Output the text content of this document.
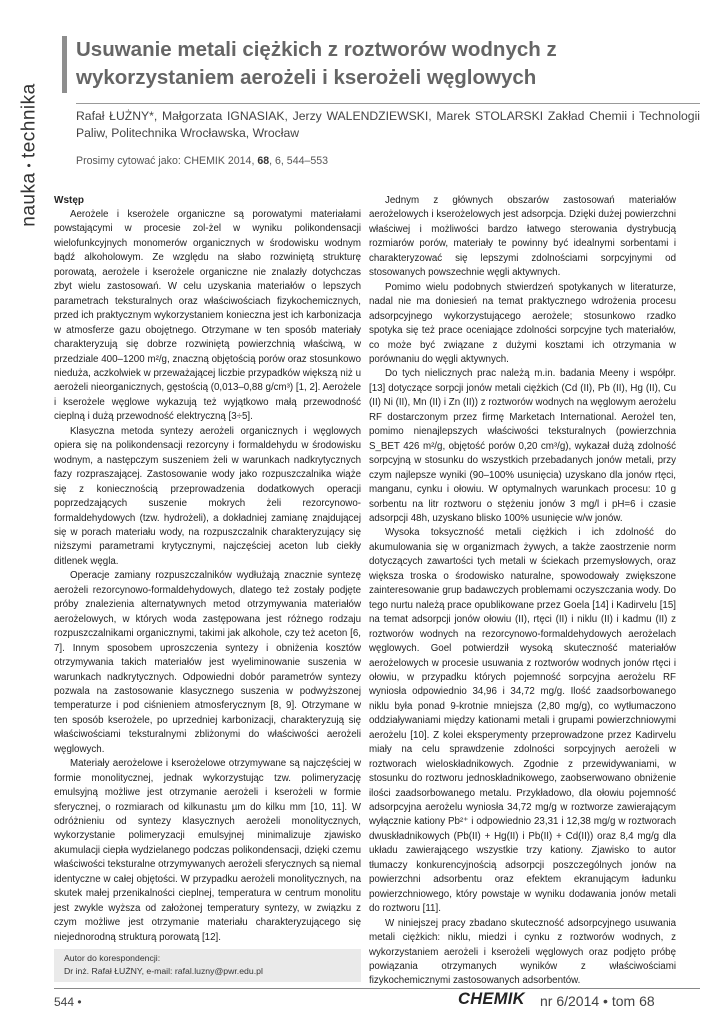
nauka•technika
Usuwanie metali ciężkich z roztworów wodnych z wykorzystaniem aerożeli i kserożeli węglowych
Rafał ŁUŻNY*, Małgorzata IGNASIAK, Jerzy WALENDZIEWSKI, Marek STOLARSKI Zakład Chemii i Technologii Paliw, Politechnika Wrocławska, Wrocław
Prosimy cytować jako: CHEMIK 2014, 68, 6, 544–553
Wstęp

Aerożele i kserożele organiczne są porowatymi materiałami powstającymi w procesie zol-żel w wyniku polikondensacji wielofunkcyjnych monomerów organicznych w środowisku wodnym bądź alkoholowym. Ze względu na słabo rozwiniętą strukturę porowatą, aerożele i kserożele organiczne nie znalazły dotychczas zbyt wielu zastosowań. W celu uzyskania materiałów o lepszych parametrach teksturalnych oraz właściwościach fizykochemicznych, przed ich praktycznym wykorzystaniem konieczna jest ich karbonizacja w atmosferze gazu obojętnego. Otrzymane w ten sposób materiały charakteryzują się dobrze rozwiniętą powierzchnią właściwą, w przedziale 400–1200 m²/g, znaczną objętością porów oraz stosunkowo nieduża, aczkolwiek w przeważającej liczbie przypadków większą niż u aerożeli nieorganicznych, gęstością (0,013–0,88 g/cm³) [1, 2]. Aerożele i kserożele węglowe wykazują też wyjątkowo małą przewodność cieplną i dużą przewodność elektryczną [3÷5].

Klasyczna metoda syntezy aerożeli organicznych i węglowych opiera się na polikondensacji rezorcyny i formaldehydu w środowisku wodnym, a następczym suszeniem żeli w warunkach nadkrytycznych fazy rozpraszającej. Zastosowanie wody jako rozpuszczalnika wiąże się z koniecznością przeprowadzenia dodatkowych operacji poprzedzających suszenie mokrych żeli rezorcynowo-formaldehydowych (tzw. hydrożeli), a dokładniej zamianę znajdującej się w porach materiału wody, na rozpuszczalnik charakteryzujący się niższymi parametrami krytycznymi, najczęściej aceton lub ciekły ditlenek węgla.

Operacje zamiany rozpuszczalników wydłużają znacznie syntezę aerożeli rezorcynowo-formaldehydowych, dlatego też zostały podjęte próby znalezienia alternatywnych metod otrzymywania materiałów aerożelowych, w których woda zastępowana jest różnego rodzaju rozpuszczalnikami organicznymi, takimi jak alkohole, czy też aceton [6, 7]. Innym sposobem uproszczenia syntezy i obniżenia kosztów otrzymywania takich materiałów jest wyeliminowanie suszenia w warunkach nadkrytycznych. Odpowiedni dobór parametrów syntezy pozwala na zastosowanie klasycznego suszenia w podwyższonej temperaturze i pod ciśnieniem atmosferycznym [8, 9]. Otrzymane w ten sposób kserożele, po uprzedniej karbonizacji, charakteryzują się właściwościami teksturalnymi zbliżonymi do właściwości aerożeli węglowych.

Materiały aerożelowe i kserożelowe otrzymywane są najczęściej w formie monolitycznej, jednak wykorzystując tzw. polimeryzację emulsyjną możliwe jest otrzymanie aerożeli i kserożeli w formie sferycznej, o rozmiarach od kilkunastu µm do kilku mm [10, 11]. W odróżnieniu od syntezy klasycznych aerożeli monolitycznych, wykorzystanie polimeryzacji emulsyjnej minimalizuje zjawisko akumulacji ciepła wydzielanego podczas polikondensacji, dzięki czemu właściwości teksturalne otrzymywanych aerożeli sferycznych są niemal identyczne w całej objętości. W przypadku aerożeli monolitycznych, na skutek małej przenikalności cieplnej, temperatura w centrum monolitu jest zwykle wyższa od założonej temperatury syntezy, w związku z czym możliwe jest otrzymanie materiału charakteryzującego się niejednorodną strukturą porowatą [12].

Jednym z głównych obszarów zastosowań materiałów aerożelowych i kserożelowych jest adsorpcja. Dzięki dużej powierzchni właściwej i możliwości bardzo łatwego sterowania dystrybucją rozmiarów porów, materiały te powinny być idealnymi sorbentami i charakteryzować się lepszymi zdolnościami sorpcyjnymi od stosowanych powszechnie węgli aktywnych.

Pomimo wielu podobnych stwierdzeń spotykanych w literaturze, nadal nie ma doniesień na temat praktycznego wdrożenia procesu adsorpcyjnego wykorzystującego aerożele; stosunkowo rzadko spotyka się też prace oceniające zdolności sorpcyjne tych materiałów, co może być związane z dużymi kosztami ich otrzymania w porównaniu do węgli aktywnych.

Do tych nielicznych prac należą m.in. badania Meeny i współpr. [13] dotyczące sorpcji jonów metali ciężkich (Cd (II), Pb (II), Hg (II), Cu (II) Ni (II), Mn (II) i Zn (II)) z roztworów wodnych na węglowym aerożelu RF dostarczonym przez firmę Marketach International. Aerożel ten, pomimo nienajlepszych właściwości teksturalnych (powierzchnia S_BET 426 m²/g, objętość porów 0,20 cm³/g), wykazał dużą zdolność sorpcyjną w stosunku do wszystkich przebadanych jonów metali, przy czym najlepsze wyniki (90–100% usunięcia) uzyskano dla jonów rtęci, manganu, cynku i ołowiu. W optymalnych warunkach procesu: 10 g sorbentu na litr roztworu o stężeniu jonów 3 mg/l i pH=6 i czasie adsorpcji 48h, uzyskano blisko 100% usunięcie w/w jonów.

Wysoka toksyczność metali ciężkich i ich zdolność do akumulowania się w organizmach żywych, a także zaostrzenie norm dotyczących zawartości tych metali w ściekach przemysłowych, oraz większa troska o środowisko naturalne, spowodowały zwiększone zainteresowanie grup badawczych problemami oczyszczania wody. Do tego nurtu należą prace opublikowane przez Goela [14] i Kadirvelu [15] na temat adsorpcji jonów ołowiu (II), rtęci (II) i niklu (II) i kadmu (II) z roztworów wodnych na rezorcynowo-formaldehydowych aerożelach węglowych. Goel potwierdził wysoką skuteczność materiałów aerożelowych w procesie usuwania z roztworów wodnych jonów rtęci i ołowiu, w przypadku których pojemność sorpcyjna aerożelu RF wyniosła odpowiednio 34,96 i 34,72 mg/g. Ilość zaadsorbowanego niklu była ponad 9-krotnie mniejsza (2,80 mg/g), co wytłumaczono oddziaływaniami między kationami metali i grupami powierzchniowymi aerożelu [10]. Z kolei eksperymenty przeprowadzone przez Kadirvelu miały na celu sprawdzenie zdolności sorpcyjnych aerożeli w roztworach wieloskładnikowych. Zgodnie z przewidywaniami, w stosunku do roztworu jednoskładnikowego, zaobserwowano obniżenie ilości zaadsorbowanego metalu. Przykładowo, dla ołowiu pojemność adsorpcyjna aerożelu wyniosła 34,72 mg/g w roztworze zawierającym wyłącznie kationy Pb²⁺ i odpowiednio 23,31 i 12,38 mg/g w roztworach dwuskładnikowych (Pb(II) + Hg(II) i Pb(II) + Cd(II)) oraz 8,4 mg/g dla układu zawierającego wszystkie trzy kationy. Zjawisko to autor tłumaczy konkurencyjnością adsorpcji poszczególnych jonów na powierzchni adsorbentu oraz efektem ekranującym ładunku powierzchniowego, który powstaje w wyniku dodawania jonów metali do roztworu [11].

W niniejszej pracy zbadano skuteczność adsorpcyjnego usuwania metali ciężkich: niklu, miedzi i cynku z roztworów wodnych, z wykorzystaniem aerożeli i kserożeli węglowych oraz podjęto próbę powiązania otrzymanych wyników z właściwościami fizykochemicznymi zastosowanych adsorbentów.

Autor do korespondencji:
Dr inż. Rafał ŁUŻNY, e-mail: rafal.luzny@pwr.edu.pl
544 •	CHEMIK nr 6/2014 • tom 68
